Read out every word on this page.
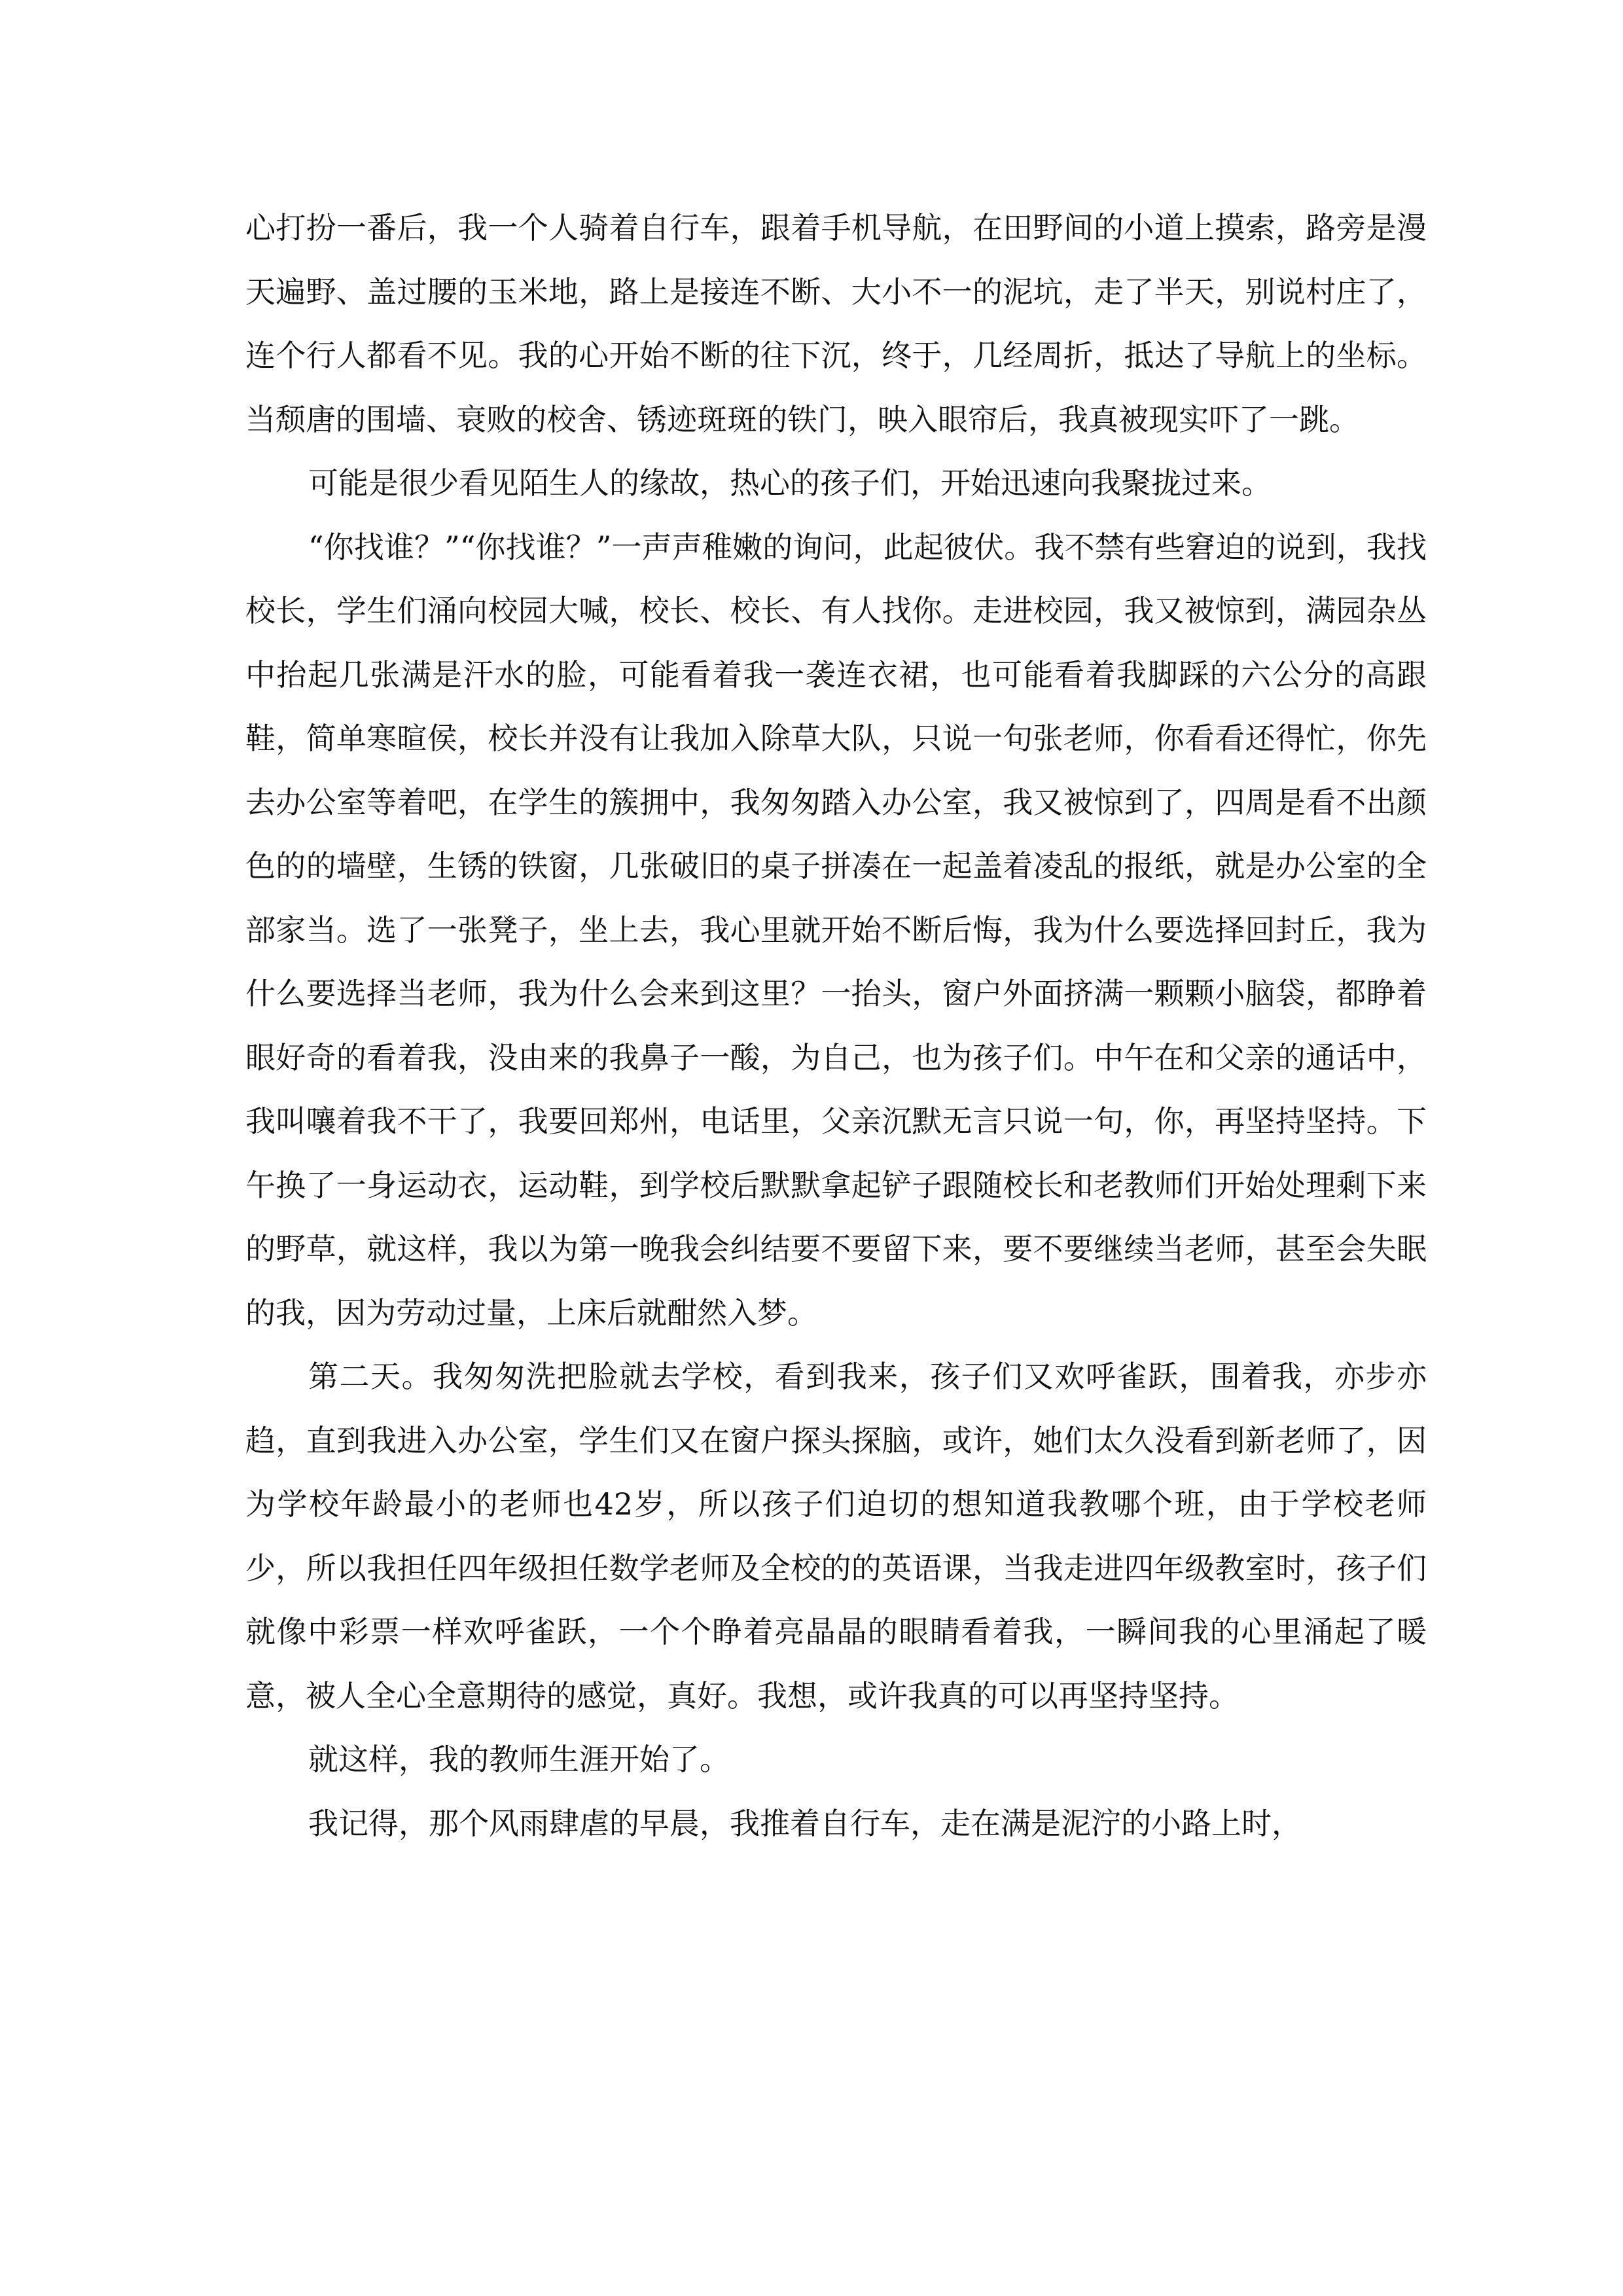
心打扮一番后，我一个人骑着自行车，跟着手机导航，在田野间的小道上摸索，路旁是漫天遍野、盖过腰的玉米地，路上是接连不断、大小不一的泥坑，走了半天，别说村庄了，连个行人都看不见。我的心开始不断的往下沉，终于，几经周折，抵达了导航上的坐标。当颓唐的围墙、衰败的校舍、锈迹斑斑的铁门，映入眼帘后，我真被现实吓了一跳。

可能是很少看见陌生人的缘故，热心的孩子们，开始迅速向我聚拢过来。

“你找谁？”“你找谁？”一声声稚嫩的询问，此起彼伏。我不禁有些窘迫的说到，我找校长，学生们涌向校园大喊，校长、校长、有人找你。走进校园，我又被惊到，满园杂丛中抬起几张满是汗水的脸，可能看着我一袭连衣裙，也可能看着我脚踩的六公分的高跟鞋，简单寒暄侯，校长并没有让我加入除草大队，只说一句张老师，你看看还得忙，你先去办公室等着吧，在学生的簇拥中，我匆匆踏入办公室，我又被惊到了，四周是看不出颜色的的墙壁，生锈的铁窗，几张破旧的桌子拼凑在一起盖着凌乱的报纸，就是办公室的全部家当。选了一张凳子，坐上去，我心里就开始不断后悔，我为什么要选择回封丘，我为什么要选择当老师，我为什么会来到这里？一抬头，窗户外面挤满一颗颗小脑袋，都睁着眼好奇的看着我，没由来的我鼻子一酸，为自己，也为孩子们。中午在和父亲的通话中，我叫嚷着我不干了，我要回郑州，电话里，父亲沉默无言只说一句，你，再坚持坚持。下午换了一身运动衣，运动鞋，到学校后默默拿起铲子跟随校长和老教师们开始处理剩下来的野草，就这样，我以为第一晚我会纠结要不要留下来，要不要继续当老师，甚至会失眠的我，因为劳动过量，上床后就酣然入梦。

第二天。我匆匆洗把脸就去学校，看到我来，孩子们又欢呼雀跃，围着我，亦步亦趋，直到我进入办公室，学生们又在窗户探头探脑，或许，她们太久没看到新老师了，因为学校年龄最小的老师也42岁，所以孩子们迫切的想知道我教哪个班，由于学校老师少，所以我担任四年级担任数学老师及全校的的英语课，当我走进四年级教室时，孩子们就像中彩票一样欢呼雀跃，一个个睁着亮晶晶的眼睛看着我，一瞬间我的心里涌起了暖意，被人全心全意期待的感觉，真好。我想，或许我真的可以再坚持坚持。

就这样，我的教师生涯开始了。

我记得，那个风雨肆虐的早晨，我推着自行车，走在满是泥泞的小路上时，
